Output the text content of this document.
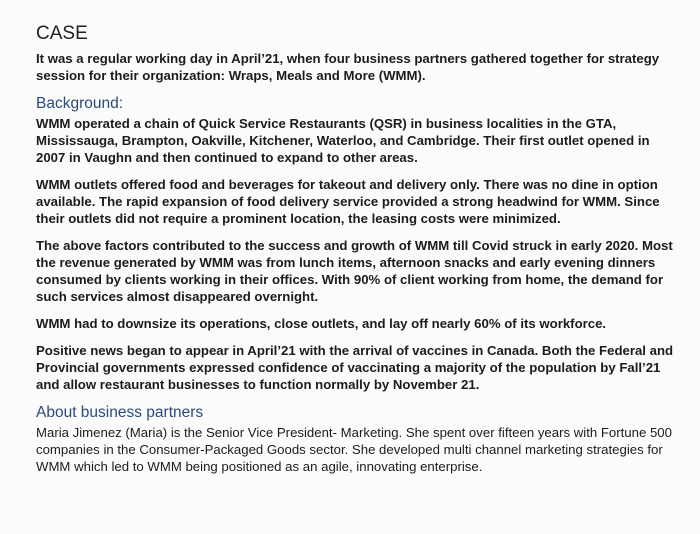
CASE

It was a regular working day in April’21, when four business partners gathered together for strategy session for their organization: Wraps, Meals and More (WMM).

Background:

WMM operated a chain of Quick Service Restaurants (QSR) in business localities in the GTA, Mississauga, Brampton, Oakville, Kitchener, Waterloo, and Cambridge. Their first outlet opened in 2007 in Vaughn and then continued to expand to other areas.

WMM outlets offered food and beverages for takeout and delivery only. There was no dine in option available. The rapid expansion of food delivery service provided a strong headwind for WMM. Since their outlets did not require a prominent location, the leasing costs were minimized.

The above factors contributed to the success and growth of WMM till Covid struck in early 2020. Most the revenue generated by WMM was from lunch items, afternoon snacks and early evening dinners consumed by clients working in their offices. With 90% of client working from home, the demand for such services almost disappeared overnight.

WMM had to downsize its operations, close outlets, and lay off nearly 60% of its workforce.

Positive news began to appear in April’21 with the arrival of vaccines in Canada. Both the Federal and Provincial governments expressed confidence of vaccinating a majority of the population by Fall’21 and allow restaurant businesses to function normally by November 21.

About business partners

Maria Jimenez (Maria) is the Senior Vice President- Marketing. She spent over fifteen years with Fortune 500 companies in the Consumer-Packaged Goods sector. She developed multi channel marketing strategies for WMM which led to WMM being positioned as an agile, innovating enterprise.
